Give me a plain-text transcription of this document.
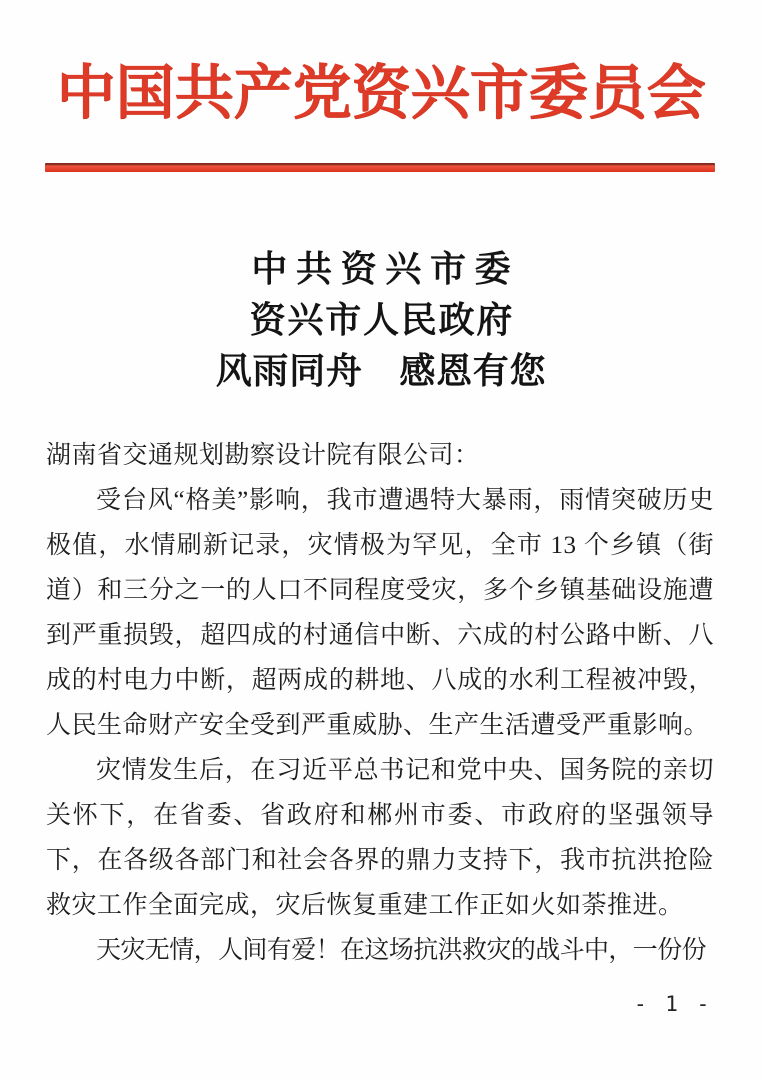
中国共产党资兴市委员会
中共资兴市委
资兴市人民政府
风雨同舟　感恩有您

湖南省交通规划勘察设计院有限公司：

受台风“格美”影响，我市遭遇特大暴雨，雨情突破历史极值，水情刷新记录，灾情极为罕见，全市 13 个乡镇（街道）和三分之一的人口不同程度受灾，多个乡镇基础设施遭到严重损毁，超四成的村通信中断、六成的村公路中断、八成的村电力中断，超两成的耕地、八成的水利工程被冲毁，人民生命财产安全受到严重威胁、生产生活遭受严重影响。

灾情发生后，在习近平总书记和党中央、国务院的亲切关怀下，在省委、省政府和郴州市委、市政府的坚强领导下，在各级各部门和社会各界的鼎力支持下，我市抗洪抢险救灾工作全面完成，灾后恢复重建工作正如火如荼推进。

天灾无情，人间有爱！在这场抗洪救灾的战斗中，一份份

- 1 -
